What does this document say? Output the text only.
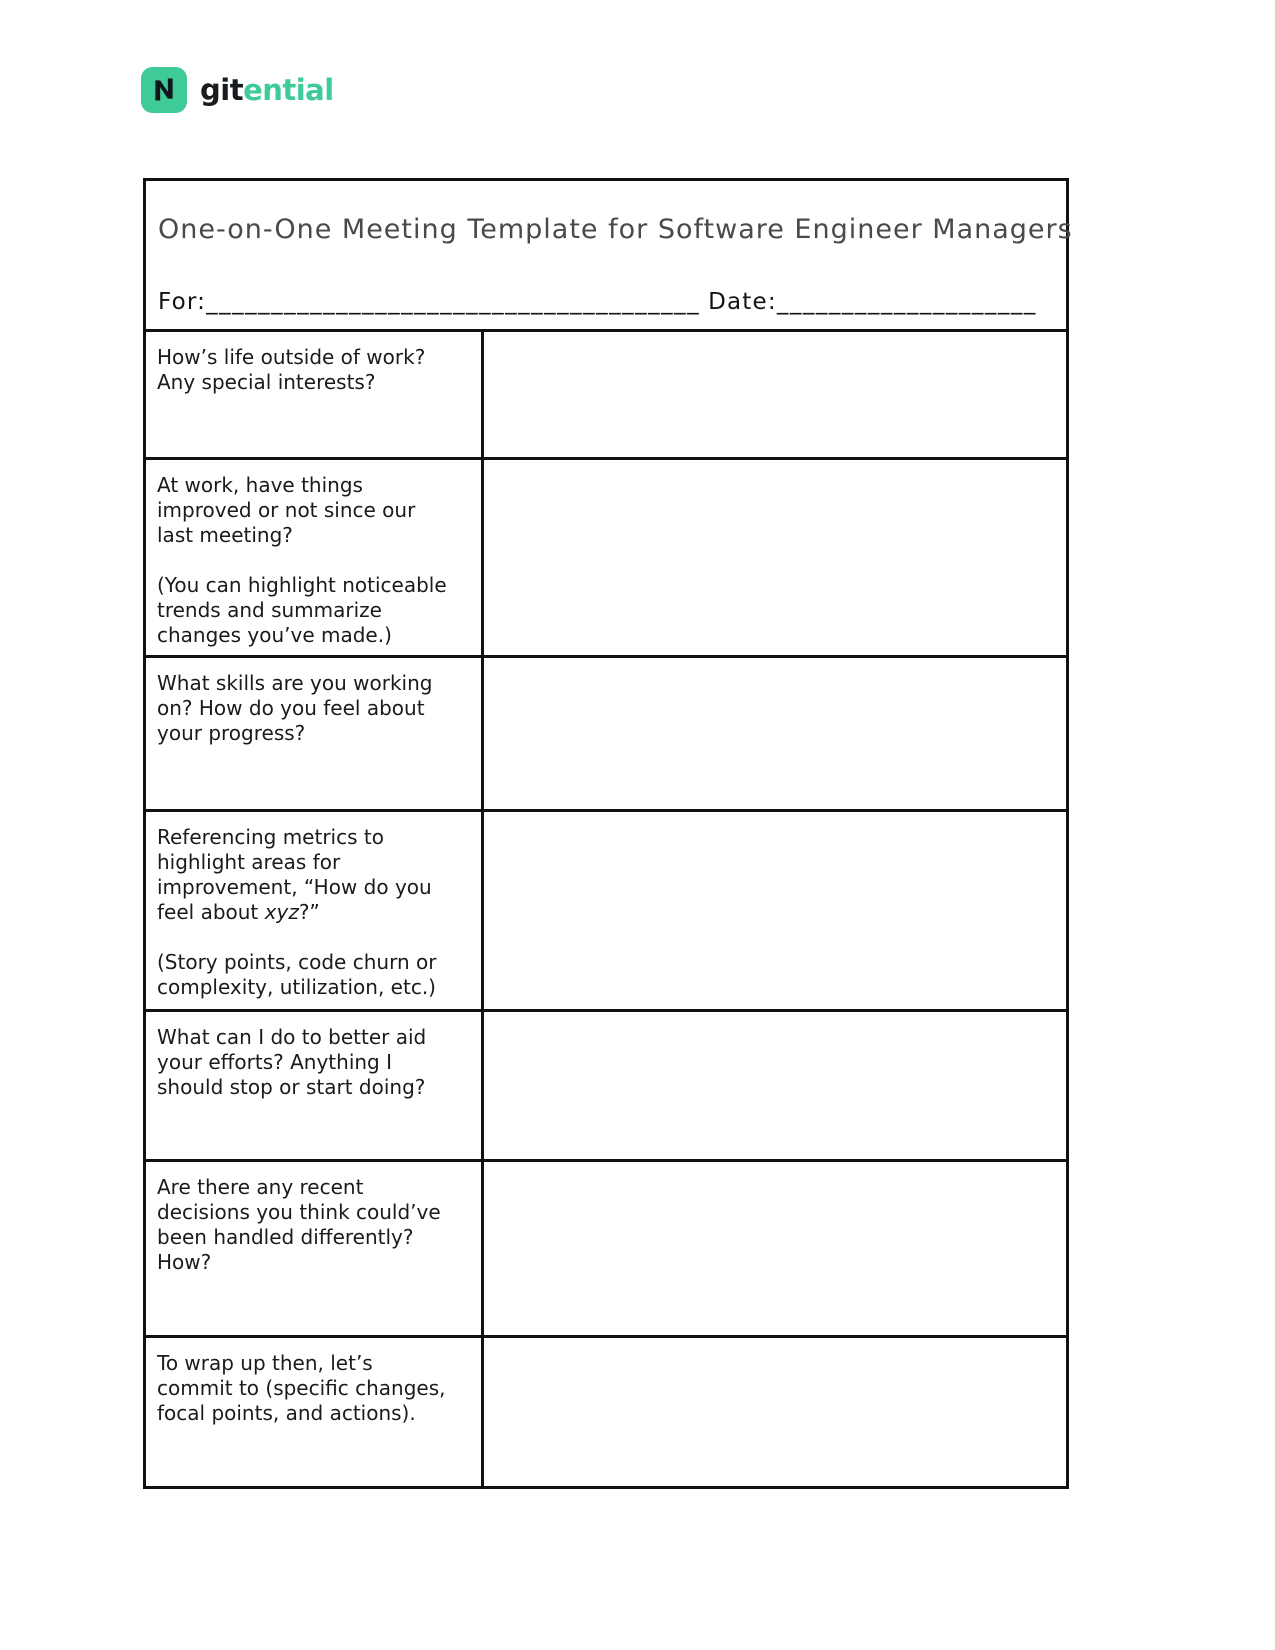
gitential
One-on-One Meeting Template for Software Engineer Managers
For:______________________________________ Date:____________________
How’s life outside of work?
Any special interests?
At work, have things
improved or not since our
last meeting?
(You can highlight noticeable
trends and summarize
changes you’ve made.)
What skills are you working
on? How do you feel about
your progress?
Referencing metrics to
highlight areas for
improvement, “How do you
feel about xyz?”
(Story points, code churn or
complexity, utilization, etc.)
What can I do to better aid
your efforts? Anything I
should stop or start doing?
Are there any recent
decisions you think could’ve
been handled differently?
How?
To wrap up then, let’s
commit to (specific changes,
focal points, and actions).
